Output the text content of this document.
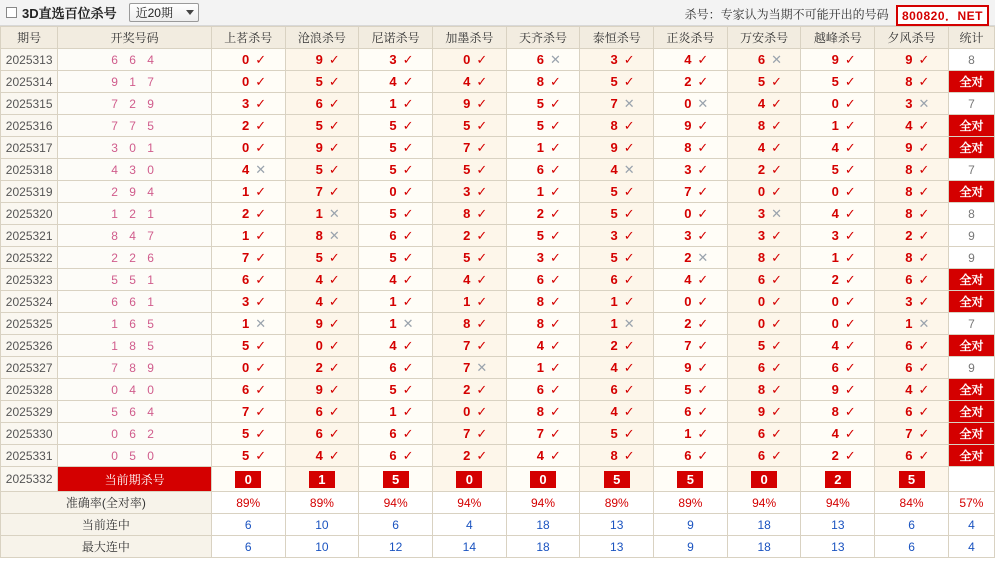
3D直选百位杀号 近20期	杀号：专家认为当期不可能开出的号码 800820．NET
期号	开奖号码	上茗杀号	沧浪杀号	尼诺杀号	加墨杀号	天齐杀号	泰恒杀号	正炎杀号	万安杀号	越峰杀号	夕风杀号	统计
2025313	6 6 4	0 ✓	9 ✓	3 ✓	0 ✓	6 ✕	3 ✓	4 ✓	6 ✕	9 ✓	9 ✓	8
2025314	9 1 7	0 ✓	5 ✓	4 ✓	4 ✓	8 ✓	5 ✓	2 ✓	5 ✓	5 ✓	8 ✓	全对
2025315	7 2 9	3 ✓	6 ✓	1 ✓	9 ✓	5 ✓	7 ✕	0 ✕	4 ✓	0 ✓	3 ✕	7
2025316	7 7 5	2 ✓	5 ✓	5 ✓	5 ✓	5 ✓	8 ✓	9 ✓	8 ✓	1 ✓	4 ✓	全对
2025317	3 0 1	0 ✓	9 ✓	5 ✓	7 ✓	1 ✓	9 ✓	8 ✓	4 ✓	4 ✓	9 ✓	全对
2025318	4 3 0	4 ✕	5 ✓	5 ✓	5 ✓	6 ✓	4 ✕	3 ✓	2 ✓	5 ✓	8 ✓	7
2025319	2 9 4	1 ✓	7 ✓	0 ✓	3 ✓	1 ✓	5 ✓	7 ✓	0 ✓	0 ✓	8 ✓	全对
2025320	1 2 1	2 ✓	1 ✕	5 ✓	8 ✓	2 ✓	5 ✓	0 ✓	3 ✕	4 ✓	8 ✓	8
2025321	8 4 7	1 ✓	8 ✕	6 ✓	2 ✓	5 ✓	3 ✓	3 ✓	3 ✓	3 ✓	2 ✓	9
2025322	2 2 6	7 ✓	5 ✓	5 ✓	5 ✓	3 ✓	5 ✓	2 ✕	8 ✓	1 ✓	8 ✓	9
2025323	5 5 1	6 ✓	4 ✓	4 ✓	4 ✓	6 ✓	6 ✓	4 ✓	6 ✓	2 ✓	6 ✓	全对
2025324	6 6 1	3 ✓	4 ✓	1 ✓	1 ✓	8 ✓	1 ✓	0 ✓	0 ✓	0 ✓	3 ✓	全对
2025325	1 6 5	1 ✕	9 ✓	1 ✕	8 ✓	8 ✓	1 ✕	2 ✓	0 ✓	0 ✓	1 ✕	7
2025326	1 8 5	5 ✓	0 ✓	4 ✓	7 ✓	4 ✓	2 ✓	7 ✓	5 ✓	4 ✓	6 ✓	全对
2025327	7 8 9	0 ✓	2 ✓	6 ✓	7 ✕	1 ✓	4 ✓	9 ✓	6 ✓	6 ✓	6 ✓	9
2025328	0 4 0	6 ✓	9 ✓	5 ✓	2 ✓	6 ✓	6 ✓	5 ✓	8 ✓	9 ✓	4 ✓	全对
2025329	5 6 4	7 ✓	6 ✓	1 ✓	0 ✓	8 ✓	4 ✓	6 ✓	9 ✓	8 ✓	6 ✓	全对
2025330	0 6 2	5 ✓	6 ✓	6 ✓	7 ✓	7 ✓	5 ✓	1 ✓	6 ✓	4 ✓	7 ✓	全对
2025331	0 5 0	5 ✓	4 ✓	6 ✓	2 ✓	4 ✓	8 ✓	6 ✓	6 ✓	2 ✓	6 ✓	全对
2025332	当前期杀号	0	1	5	0	0	5	5	0	2	5	
准确率(全对率)		89%	89%	94%	94%	94%	89%	89%	94%	94%	84%	57%
当前连中		6	10	6	4	18	13	9	18	13	6	4
最大连中		6	10	12	14	18	13	9	18	13	6	4
